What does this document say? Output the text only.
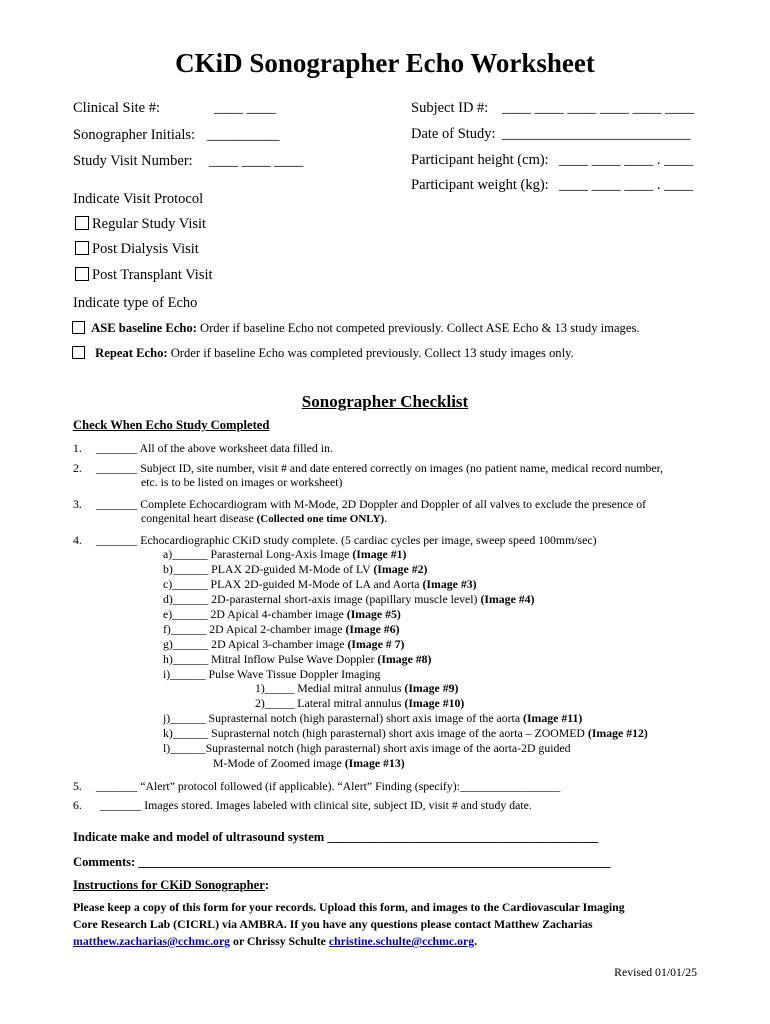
CKiD Sonographer Echo Worksheet
Clinical Site #:	____ ____
Sonographer Initials: __________
Study Visit Number: ____ ____ ____
Subject ID #: ____ ____ ____ ____ ____ ____
Date of Study: __________________________
Participant height (cm): ____ ____ ____ . ____
Participant weight (kg): ____ ____ ____ . ____
Indicate Visit Protocol
Regular Study Visit
Post Dialysis Visit
Post Transplant Visit
Indicate type of Echo
ASE baseline Echo: Order if baseline Echo not competed previously. Collect ASE Echo & 13 study images.
Repeat Echo: Order if baseline Echo was completed previously. Collect 13 study images only.
Sonographer Checklist
Check When Echo Study Completed
1. _______ All of the above worksheet data filled in.
2. _______ Subject ID, site number, visit # and date entered correctly on images (no patient name, medical record number,
etc. is to be listed on images or worksheet)
3. _______ Complete Echocardiogram with M-Mode, 2D Doppler and Doppler of all valves to exclude the presence of
congenital heart disease (Collected one time ONLY).
4. _______ Echocardiographic CKiD study complete. (5 cardiac cycles per image, sweep speed 100mm/sec)
a)______ Parasternal Long-Axis Image (Image #1)
b)______ PLAX 2D-guided M-Mode of LV (Image #2)
c)______ PLAX 2D-guided M-Mode of LA and Aorta (Image #3)
d)______ 2D-parasternal short-axis image (papillary muscle level) (Image #4)
e)______ 2D Apical 4-chamber image (Image #5)
f)______ 2D Apical 2-chamber image (Image #6)
g)______ 2D Apical 3-chamber image (Image # 7)
h)______ Mitral Inflow Pulse Wave Doppler (Image #8)
i)______ Pulse Wave Tissue Doppler Imaging
1)_____ Medial mitral annulus (Image #9)
2)_____ Lateral mitral annulus (Image #10)
j)______ Suprasternal notch (high parasternal) short axis image of the aorta (Image #11)
k)______ Suprasternal notch (high parasternal) short axis image of the aorta – ZOOMED (Image #12)
l)______Suprasternal notch (high parasternal) short axis image of the aorta-2D guided
M-Mode of Zoomed image (Image #13)
5. _______ “Alert” protocol followed (if applicable). “Alert” Finding (specify):_________________
6. _______ Images stored. Images labeled with clinical site, subject ID, visit # and study date.
Indicate make and model of ultrasound system ___________________________________________
Comments: ___________________________________________________________________________
Instructions for CKiD Sonographer:
Please keep a copy of this form for your records. Upload this form, and images to the Cardiovascular Imaging
Core Research Lab (CICRL) via AMBRA. If you have any questions please contact Matthew Zacharias
matthew.zacharias@cchmc.org or Chrissy Schulte christine.schulte@cchmc.org.
Revised 01/01/25
